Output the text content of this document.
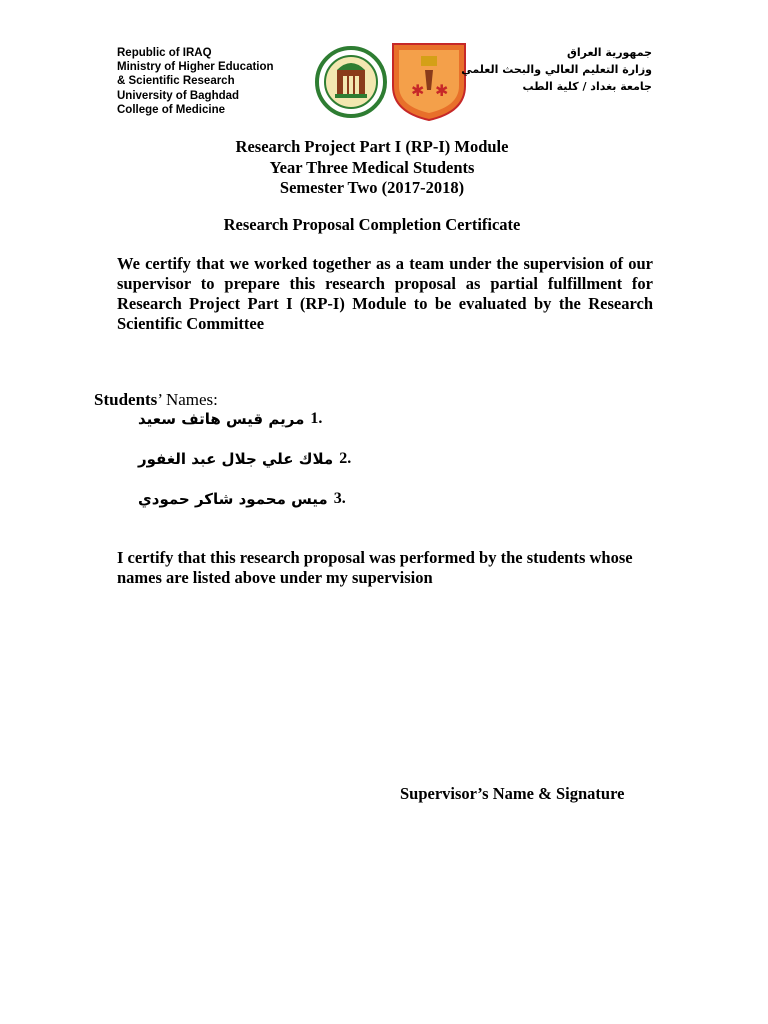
Republic of IRAQ
Ministry of Higher Education
& Scientific Research
University of Baghdad
College of Medicine
✱ ✱
جمهورية العراق
وزارة التعليم العالي والبحث العلمي
جامعة بغداد / كلية الطب
Research Project Part I (RP-I) Module
Year Three Medical Students
Semester Two (2017-2018)
Research Proposal Completion Certificate
We certify that we worked together as a team under the supervision of our supervisor to prepare this research proposal as partial fulfillment for Research Project Part I (RP-I) Module to be evaluated by the Research Scientific Committee
Students’ Names:
مريم قيس هاتف سعيد 1.
ملاك علي جلال عبد الغفور 2.
ميس محمود شاكر حمودي 3.
I certify that this research proposal was performed by the students whose names are listed above under my supervision
Supervisor’s Name & Signature
